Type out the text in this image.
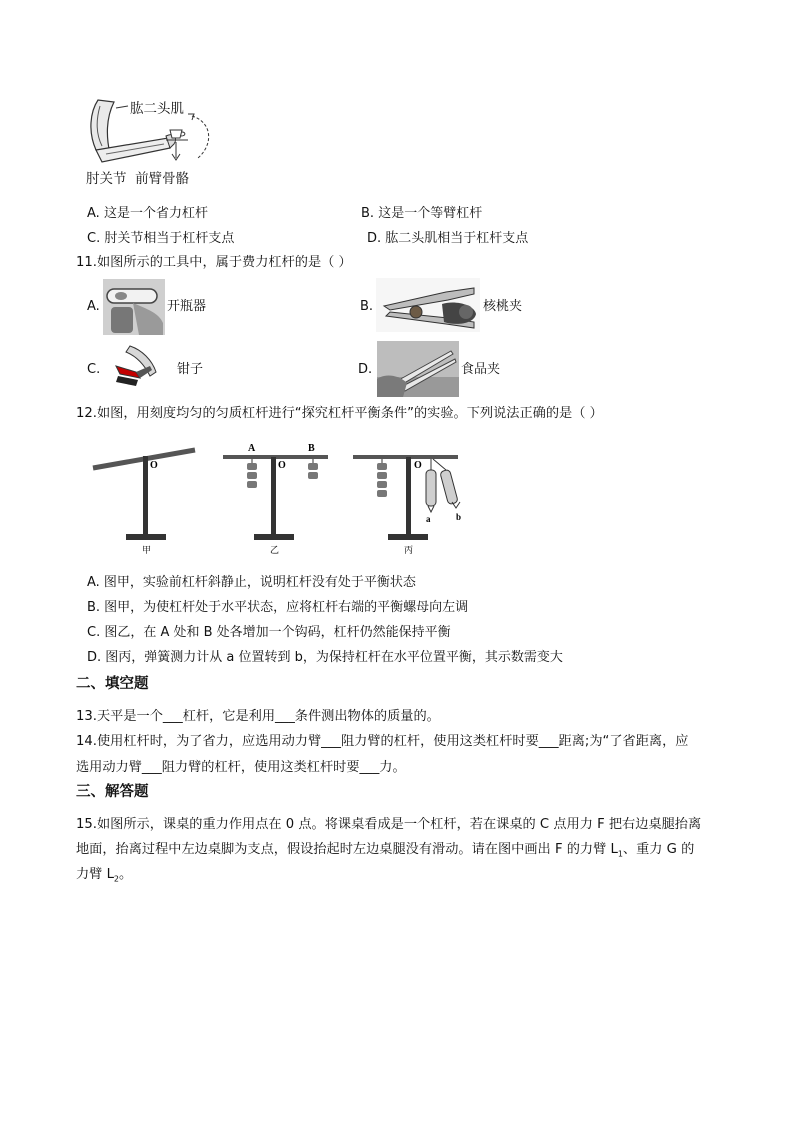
肱二头肌
肘关节  前臂骨骼
A. 这是一个省力杠杆	B. 这是一个等臂杠杆
C. 肘关节相当于杠杆支点	D. 肱二头肌相当于杠杆支点
11.如图所示的工具中，属于费力杠杆的是（ ）
A.	开瓶器	B.	核桃夹
C.	钳子	D.	食品夹
12.如图，用刻度均匀的匀质杠杆进行“探究杠杆平衡条件”的实验。下列说法正确的是（ ）
O
甲
O
A	B
乙
O
a	b
丙
A. 图甲，实验前杠杆斜静止，说明杠杆没有处于平衡状态
B. 图甲，为使杠杆处于水平状态，应将杠杆右端的平衡螺母向左调
C. 图乙，在 A 处和 B 处各增加一个钩码，杠杆仍然能保持平衡
D. 图丙，弹簧测力计从 a 位置转到 b，为保持杠杆在水平位置平衡，其示数需变大
二、填空题
13.天平是一个___杠杆，它是利用___条件测出物体的质量的。
14.使用杠杆时，为了省力，应选用动力臂___阻力臂的杠杆，使用这类杠杆时要___距离;为“了省距离，应
选用动力臂___阻力臂的杠杆，使用这类杠杆时要___力。
三、解答题
15.如图所示，课桌的重力作用点在 0 点。将课桌看成是一个杠杆，若在课桌的 C 点用力 F 把右边桌腿抬离
地面，抬离过程中左边桌脚为支点，假设抬起时左边桌腿没有滑动。请在图中画出 F 的力臂 $L_1$、重力 G 的
力臂 $L_2$。
